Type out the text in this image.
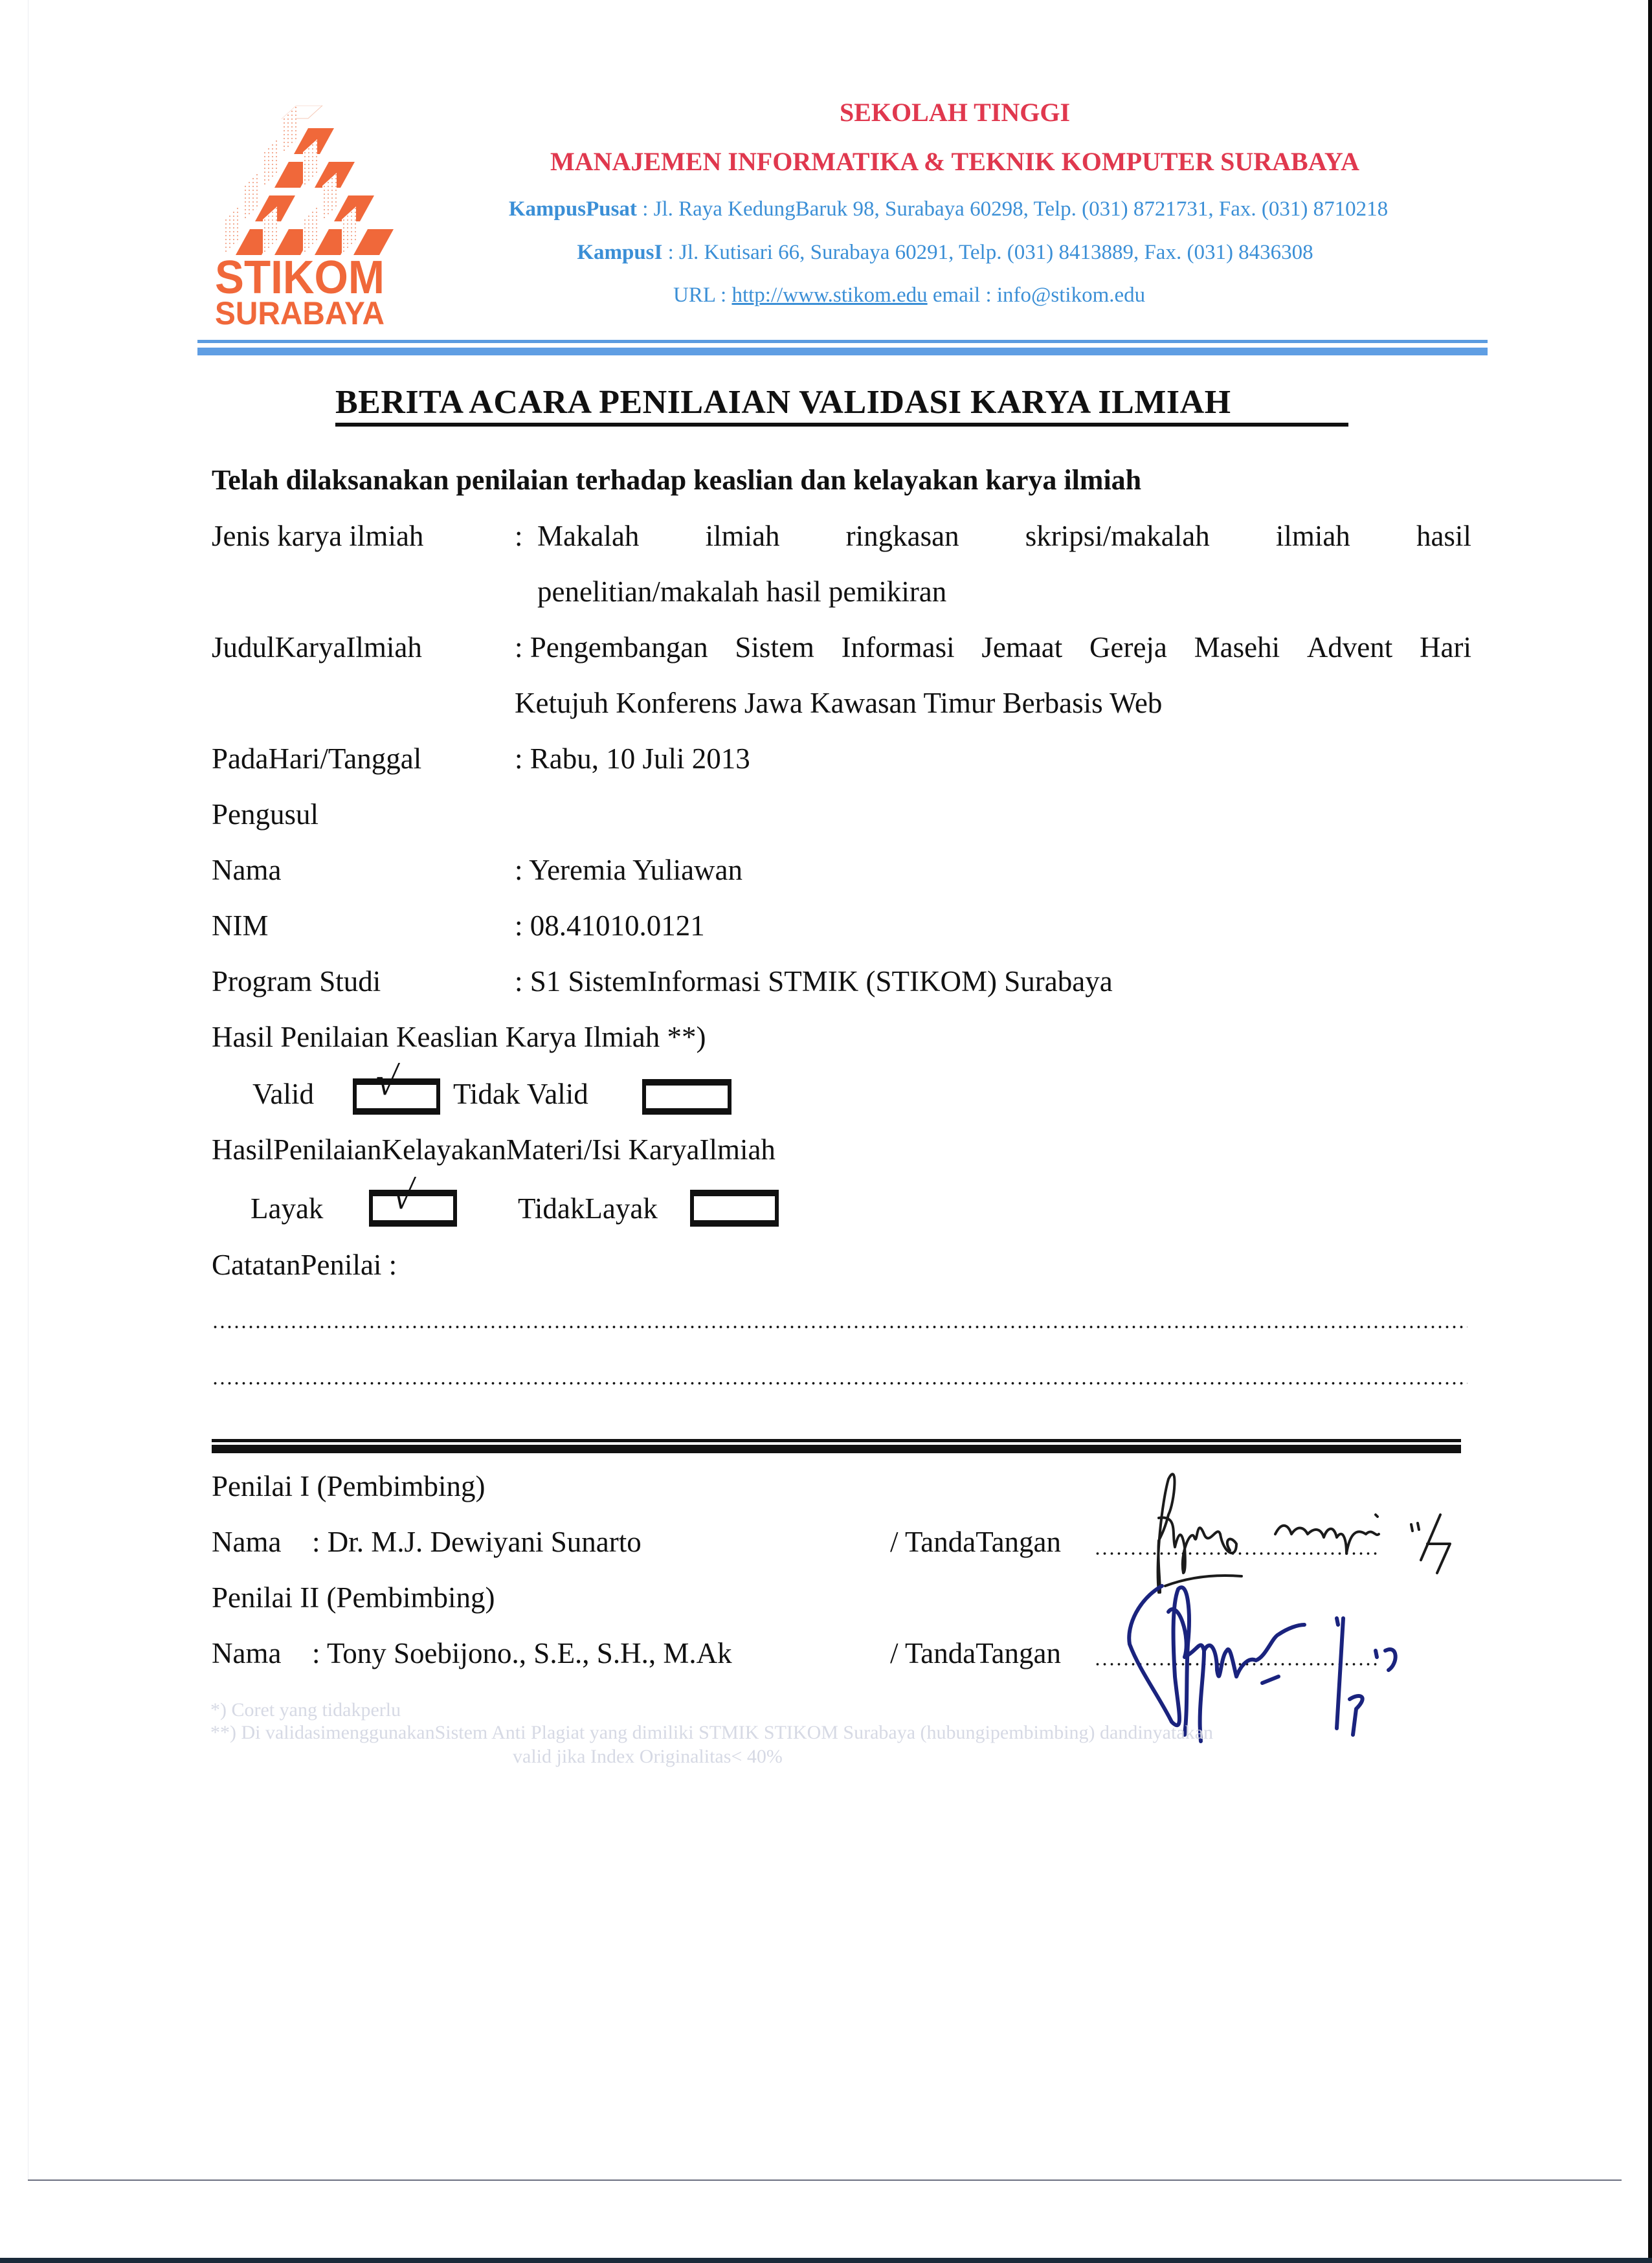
STIKOM
SURABAYA
SEKOLAH TINGGI
MANAJEMEN INFORMATIKA & TEKNIK KOMPUTER SURABAYA
KampusPusat : Jl. Raya KedungBaruk 98, Surabaya 60298, Telp. (031) 8721731, Fax. (031) 8710218
KampusI : Jl. Kutisari 66, Surabaya 60291, Telp. (031) 8413889, Fax. (031) 8436308
URL : http://www.stikom.edu email : info@stikom.edu
BERITA ACARA PENILAIAN VALIDASI KARYA ILMIAH
Telah dilaksanakan penilaian terhadap keaslian dan kelayakan karya ilmiah
Jenis karya ilmiah	: Makalah ilmiah ringkasan skripsi/makalah ilmiah hasil
penelitian/makalah hasil pemikiran
JudulKaryaIlmiah	: Pengembangan Sistem Informasi Jemaat Gereja Masehi Advent Hari
Ketujuh Konferens Jawa Kawasan Timur Berbasis Web
PadaHari/Tanggal	: Rabu, 10 Juli 2013
Pengusul
Nama	: Yeremia Yuliawan
NIM	: 08.41010.0121
Program Studi	: S1 SistemInformasi STMIK (STIKOM) Surabaya
Hasil Penilaian Keaslian Karya Ilmiah **)
Valid √ Tidak Valid
HasilPenilaianKelayakanMateri/Isi KaryaIlmiah
Layak √	TidakLayak
CatatanPenilai :
Penilai I (Pembimbing)
Nama : Dr. M.J. Dewiyani Sunarto	/ TandaTangan
Penilai II (Pembimbing)
Nama : Tony Soebijono., S.E., S.H., M.Ak	/ TandaTangan
*) Coret yang tidakperlu
**) Di validasimenggunakanSistem Anti Plagiat yang dimiliki STMIK STIKOM Surabaya (hubungipembimbing) dandinyatakan
valid jika Index Originalitas< 40%
